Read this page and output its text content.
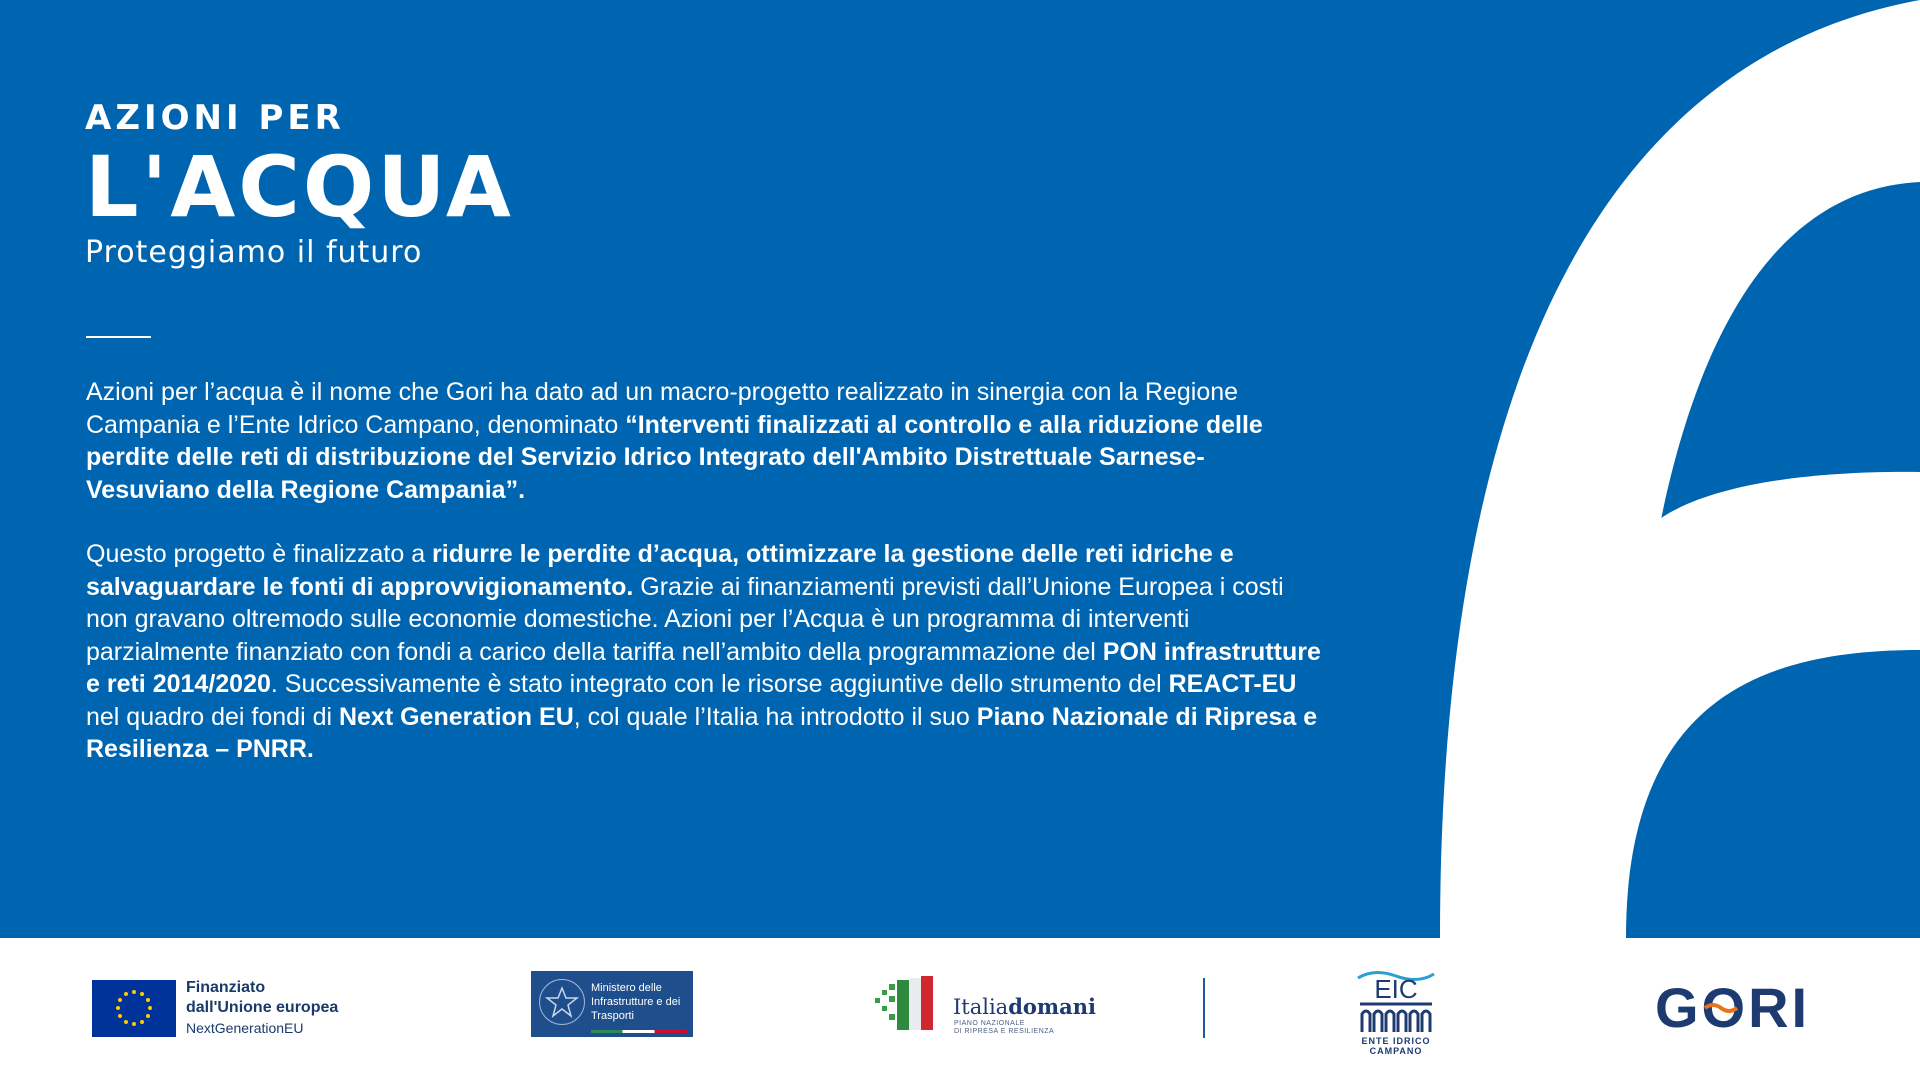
AZIONI PER
L'ACQUA
Proteggiamo il futuro

Azioni per l’acqua è il nome che Gori ha dato ad un macro-progetto realizzato in sinergia con la Regione Campania e l’Ente Idrico Campano, denominato “Interventi finalizzati al controllo e alla riduzione delle perdite delle reti di distribuzione del Servizio Idrico Integrato dell'Ambito Distrettuale Sarnese-Vesuviano della Regione Campania”.

Questo progetto è finalizzato a ridurre le perdite d’acqua, ottimizzare la gestione delle reti idriche e salvaguardare le fonti di approvvigionamento. Grazie ai finanziamenti previsti dall’Unione Europea i costi non gravano oltremodo sulle economie domestiche. Azioni per l’Acqua è un programma di interventi parzialmente finanziato con fondi a carico della tariffa nell’ambito della programmazione del PON infrastrutture e reti 2014/2020. Successivamente è stato integrato con le risorse aggiuntive dello strumento del REACT-EU nel quadro dei fondi di Next Generation EU, col quale l’Italia ha introdotto il suo Piano Nazionale di Ripresa e Resilienza – PNRR.

Finanziato
dall'Unione europea
NextGenerationEU
Ministero delle
Infrastrutture e dei
Trasporti	Italiadomani
PIANO NAZIONALE
DI RIPRESA E RESILIENZA
EIC
ENTE IDRICO
CAMPANO
GORI
